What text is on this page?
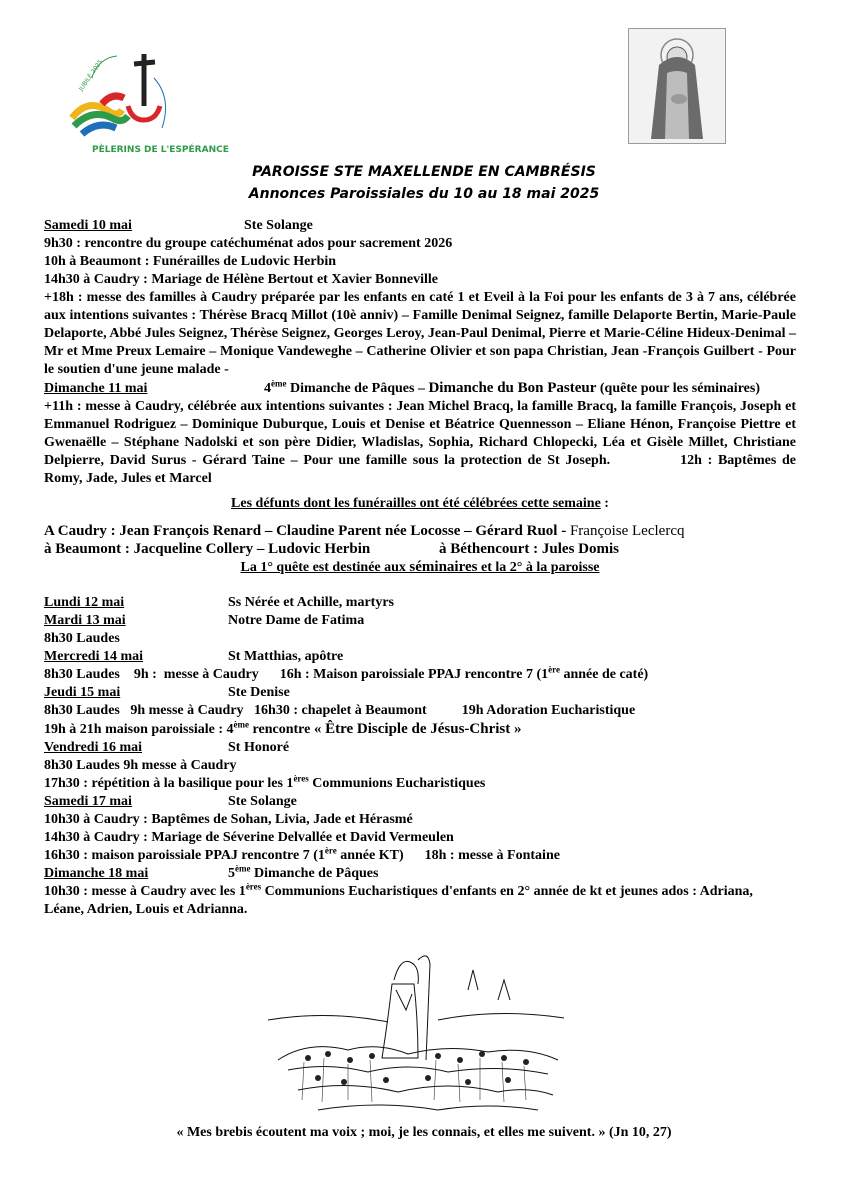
JUBILÉ 2025
PÈLERINS DE L'ESPÉRANCE
PAROISSE STE MAXELLENDE EN CAMBRÉSIS
Annonces Paroissiales du 10 au 18 mai 2025
Samedi 10 mai	Ste Solange
9h30 : rencontre du groupe catéchuménat ados pour sacrement 2026
10h à Beaumont : Funérailles de Ludovic Herbin
14h30 à Caudry : Mariage de Hélène Bertout et Xavier Bonneville
+18h : messe des familles à Caudry préparée par les enfants en caté 1 et Eveil à la Foi pour les enfants de 3 à 7 ans, célébrée aux intentions suivantes : Thérèse Bracq Millot (10è anniv) – Famille Denimal Seignez, famille Delaporte Bertin, Marie-Paule Delaporte, Abbé Jules Seignez, Thérèse Seignez, Georges Leroy, Jean-Paul Denimal, Pierre et Marie-Céline Hideux-Denimal – Mr et Mme Preux Lemaire – Monique Vandeweghe – Catherine Olivier et son papa Christian, Jean -François Guilbert - Pour le soutien d'une jeune malade -
Dimanche 11 mai	4ème Dimanche de Pâques – Dimanche du Bon Pasteur (quête pour les séminaires)
+11h : messe à Caudry, célébrée aux intentions suivantes : Jean Michel Bracq, la famille Bracq, la famille François, Joseph et Emmanuel Rodriguez – Dominique Duburque, Louis et Denise et Béatrice Quennesson – Eliane Hénon, Françoise Piettre et Gwenaëlle – Stéphane Nadolski et son père Didier, Wladislas, Sophia, Richard Chlopecki, Léa et Gisèle Millet, Christiane Delpierre, David Surus - Gérard Taine – Pour une famille sous la protection de St Joseph.	12h : Baptêmes de Romy, Jade, Jules et Marcel
Les défunts dont les funérailles ont été célébrées cette semaine :
A Caudry : Jean François Renard – Claudine Parent née Locosse – Gérard Ruol - Françoise Leclercq
à Beaumont : Jacqueline Collery – Ludovic Herbin	à Béthencourt : Jules Domis
La 1° quête est destinée aux séminaires et la 2° à la paroisse
Lundi 12 mai	Ss Nérée et Achille, martyrs
Mardi 13 mai	Notre Dame de Fatima
8h30 Laudes
Mercredi 14 mai	St Matthias, apôtre
8h30 Laudes    9h :  messe à Caudry      16h : Maison paroissiale PPAJ rencontre 7 (1ère année de caté)
Jeudi 15 mai	Ste Denise
8h30 Laudes   9h messe à Caudry   16h30 : chapelet à Beaumont          19h Adoration Eucharistique
19h à 21h maison paroissiale : 4ème rencontre « Être Disciple de Jésus-Christ »
Vendredi 16 mai	St Honoré
8h30 Laudes 9h messe à Caudry
17h30 : répétition à la basilique pour les 1ères Communions Eucharistiques
Samedi 17 mai	Ste Solange
10h30 à Caudry : Baptêmes de Sohan, Livia, Jade et Hérasmé
14h30 à Caudry : Mariage de Séverine Delvallée et David Vermeulen
16h30 : maison paroissiale PPAJ rencontre 7 (1ère année KT)      18h : messe à Fontaine
Dimanche 18 mai	5ème Dimanche de Pâques
10h30 : messe à Caudry avec les 1ères Communions Eucharistiques d'enfants en 2° année de kt et jeunes ados : Adriana, Léane, Adrien, Louis et Adrianna.
« Mes brebis écoutent ma voix ; moi, je les connais, et elles me suivent. » (Jn 10, 27)
